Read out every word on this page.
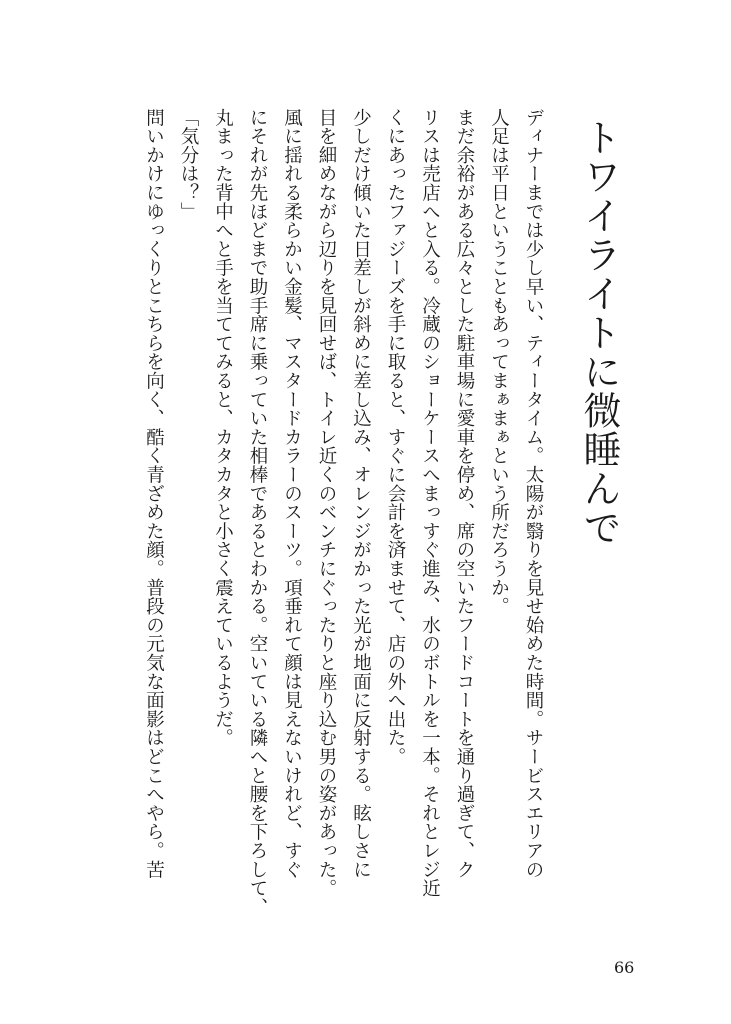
トワイライトに微睡んで

ディナーまでは少し早い、ティータイム。太陽が翳りを見せ始めた時間。サービスエリアの

人足は平日ということもあってまぁまぁという所だろうか。

まだ余裕がある広々とした駐車場に愛車を停め、席の空いたフードコートを通り過ぎて、ク

リスは売店へと入る。冷蔵のショーケースへまっすぐ進み、水のボトルを一本。それとレジ近

くにあったファジーズを手に取ると、すぐに会計を済ませて、店の外へ出た。

少しだけ傾いた日差しが斜めに差し込み、オレンジがかった光が地面に反射する。眩しさに

目を細めながら辺りを見回せば、トイレ近くのベンチにぐったりと座り込む男の姿があった。

風に揺れる柔らかい金髪、マスタードカラーのスーツ。項垂れて顔は見えないけれど、すぐ

にそれが先ほどまで助手席に乗っていた相棒であるとわかる。空いている隣へと腰を下ろして、

丸まった背中へと手を当ててみると、カタカタと小さく震えているようだ。

「気分は？」

問いかけにゆっくりとこちらを向く、酷く青ざめた顔。普段の元気な面影はどこへやら。苦

66
